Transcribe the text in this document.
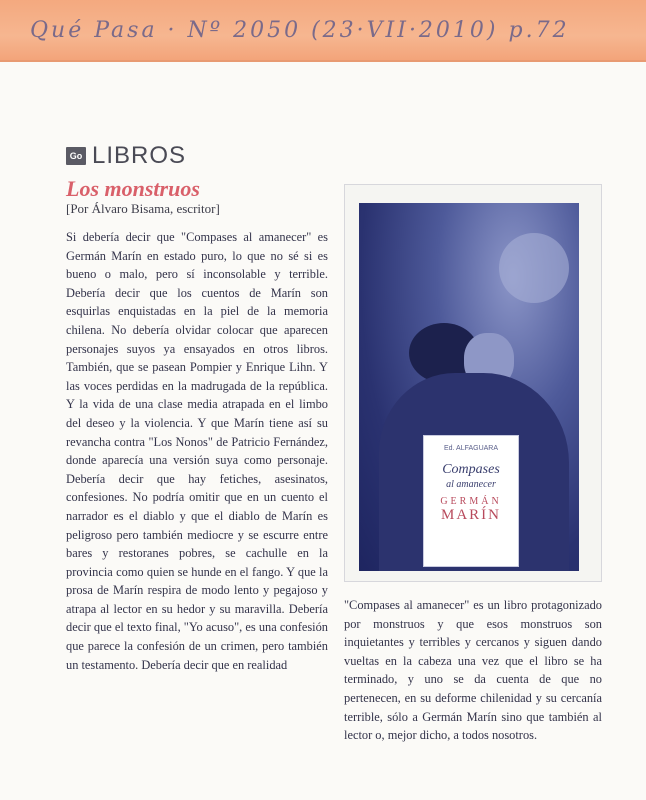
Qué Pasa · Nº 2050 (23·VII·2010) p.72
Go LIBROS
Los monstruos
[Por Álvaro Bisama, escritor]
Si debería decir que "Compases al amanecer" es Germán Marín en estado puro, lo que no sé si es bueno o malo, pero sí inconsolable y terrible. Debería decir que los cuentos de Marín son esquirlas enquistadas en la piel de la memoria chilena. No debería olvidar colocar que aparecen personajes suyos ya ensayados en otros libros. También, que se pasean Pompier y Enrique Lihn. Y las voces perdidas en la madrugada de la república. Y la vida de una clase media atrapada en el limbo del deseo y la violencia. Y que Marín tiene así su revancha contra "Los Nonos" de Patricio Fernández, donde aparecía una versión suya como personaje. Debería decir que hay fetiches, asesinatos, confesiones. No podría omitir que en un cuento el narrador es el diablo y que el diablo de Marín es peligroso pero también mediocre y se escurre entre bares y restoranes pobres, se cachulle en la provincia como quien se hunde en el fango. Y que la prosa de Marín respira de modo lento y pegajoso y atrapa al lector en su hedor y su maravilla. Debería decir que el texto final, "Yo acuso", es una confesión que parece la confesión de un crimen, pero también un testamento. Debería decir que en realidad
Ed. ALFAGUARA
Compases
al amanecer
GERMÁN
MARÍN
"Compases al amanecer" es un libro protagonizado por monstruos y que esos monstruos son inquietantes y terribles y cercanos y siguen dando vueltas en la cabeza una vez que el libro se ha terminado, y uno se da cuenta de que no pertenecen, en su deforme chilenidad y su cercanía terrible, sólo a Germán Marín sino que también al lector o, mejor dicho, a todos nosotros.
